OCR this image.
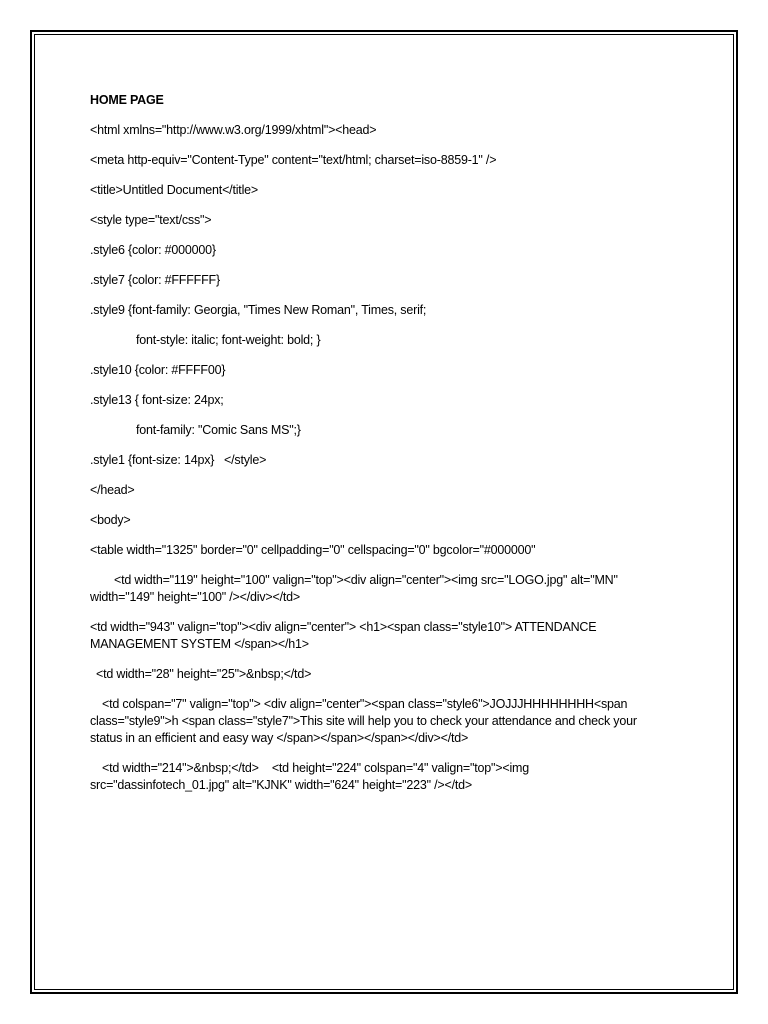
HOME PAGE

<html xmlns="http://www.w3.org/1999/xhtml"><head>

<meta http-equiv="Content-Type" content="text/html; charset=iso-8859-1" />

<title>Untitled Document</title>

<style type="text/css">

.style6 {color: #000000}

.style7 {color: #FFFFFF}

.style9 {font-family: Georgia, "Times New Roman", Times, serif;

font-style: italic; font-weight: bold; }

.style10 {color: #FFFF00}

.style13 { font-size: 24px;

font-family: "Comic Sans MS";}

.style1 {font-size: 14px}   </style>

</head>

<body>

<table width="1325" border="0" cellpadding="0" cellspacing="0" bgcolor="#000000"

<td width="119" height="100" valign="top"><div align="center"><img src="LOGO.jpg" alt="MN" width="149" height="100" /></div></td>

<td width="943" valign="top"><div align="center"> <h1><span class="style10"> ATTENDANCE MANAGEMENT SYSTEM </span></h1>

<td width="28" height="25">&nbsp;</td>

<td colspan="7" valign="top"> <div align="center"><span class="style6">JOJJJHHHHHHHH<span class="style9">h <span class="style7">This site will help you to check your attendance and check your status in an efficient and easy way </span></span></span></div></td>

<td width="214">&nbsp;</td>    <td height="224" colspan="4" valign="top"><img src="dassinfotech_01.jpg" alt="KJNK" width="624" height="223" /></td>
